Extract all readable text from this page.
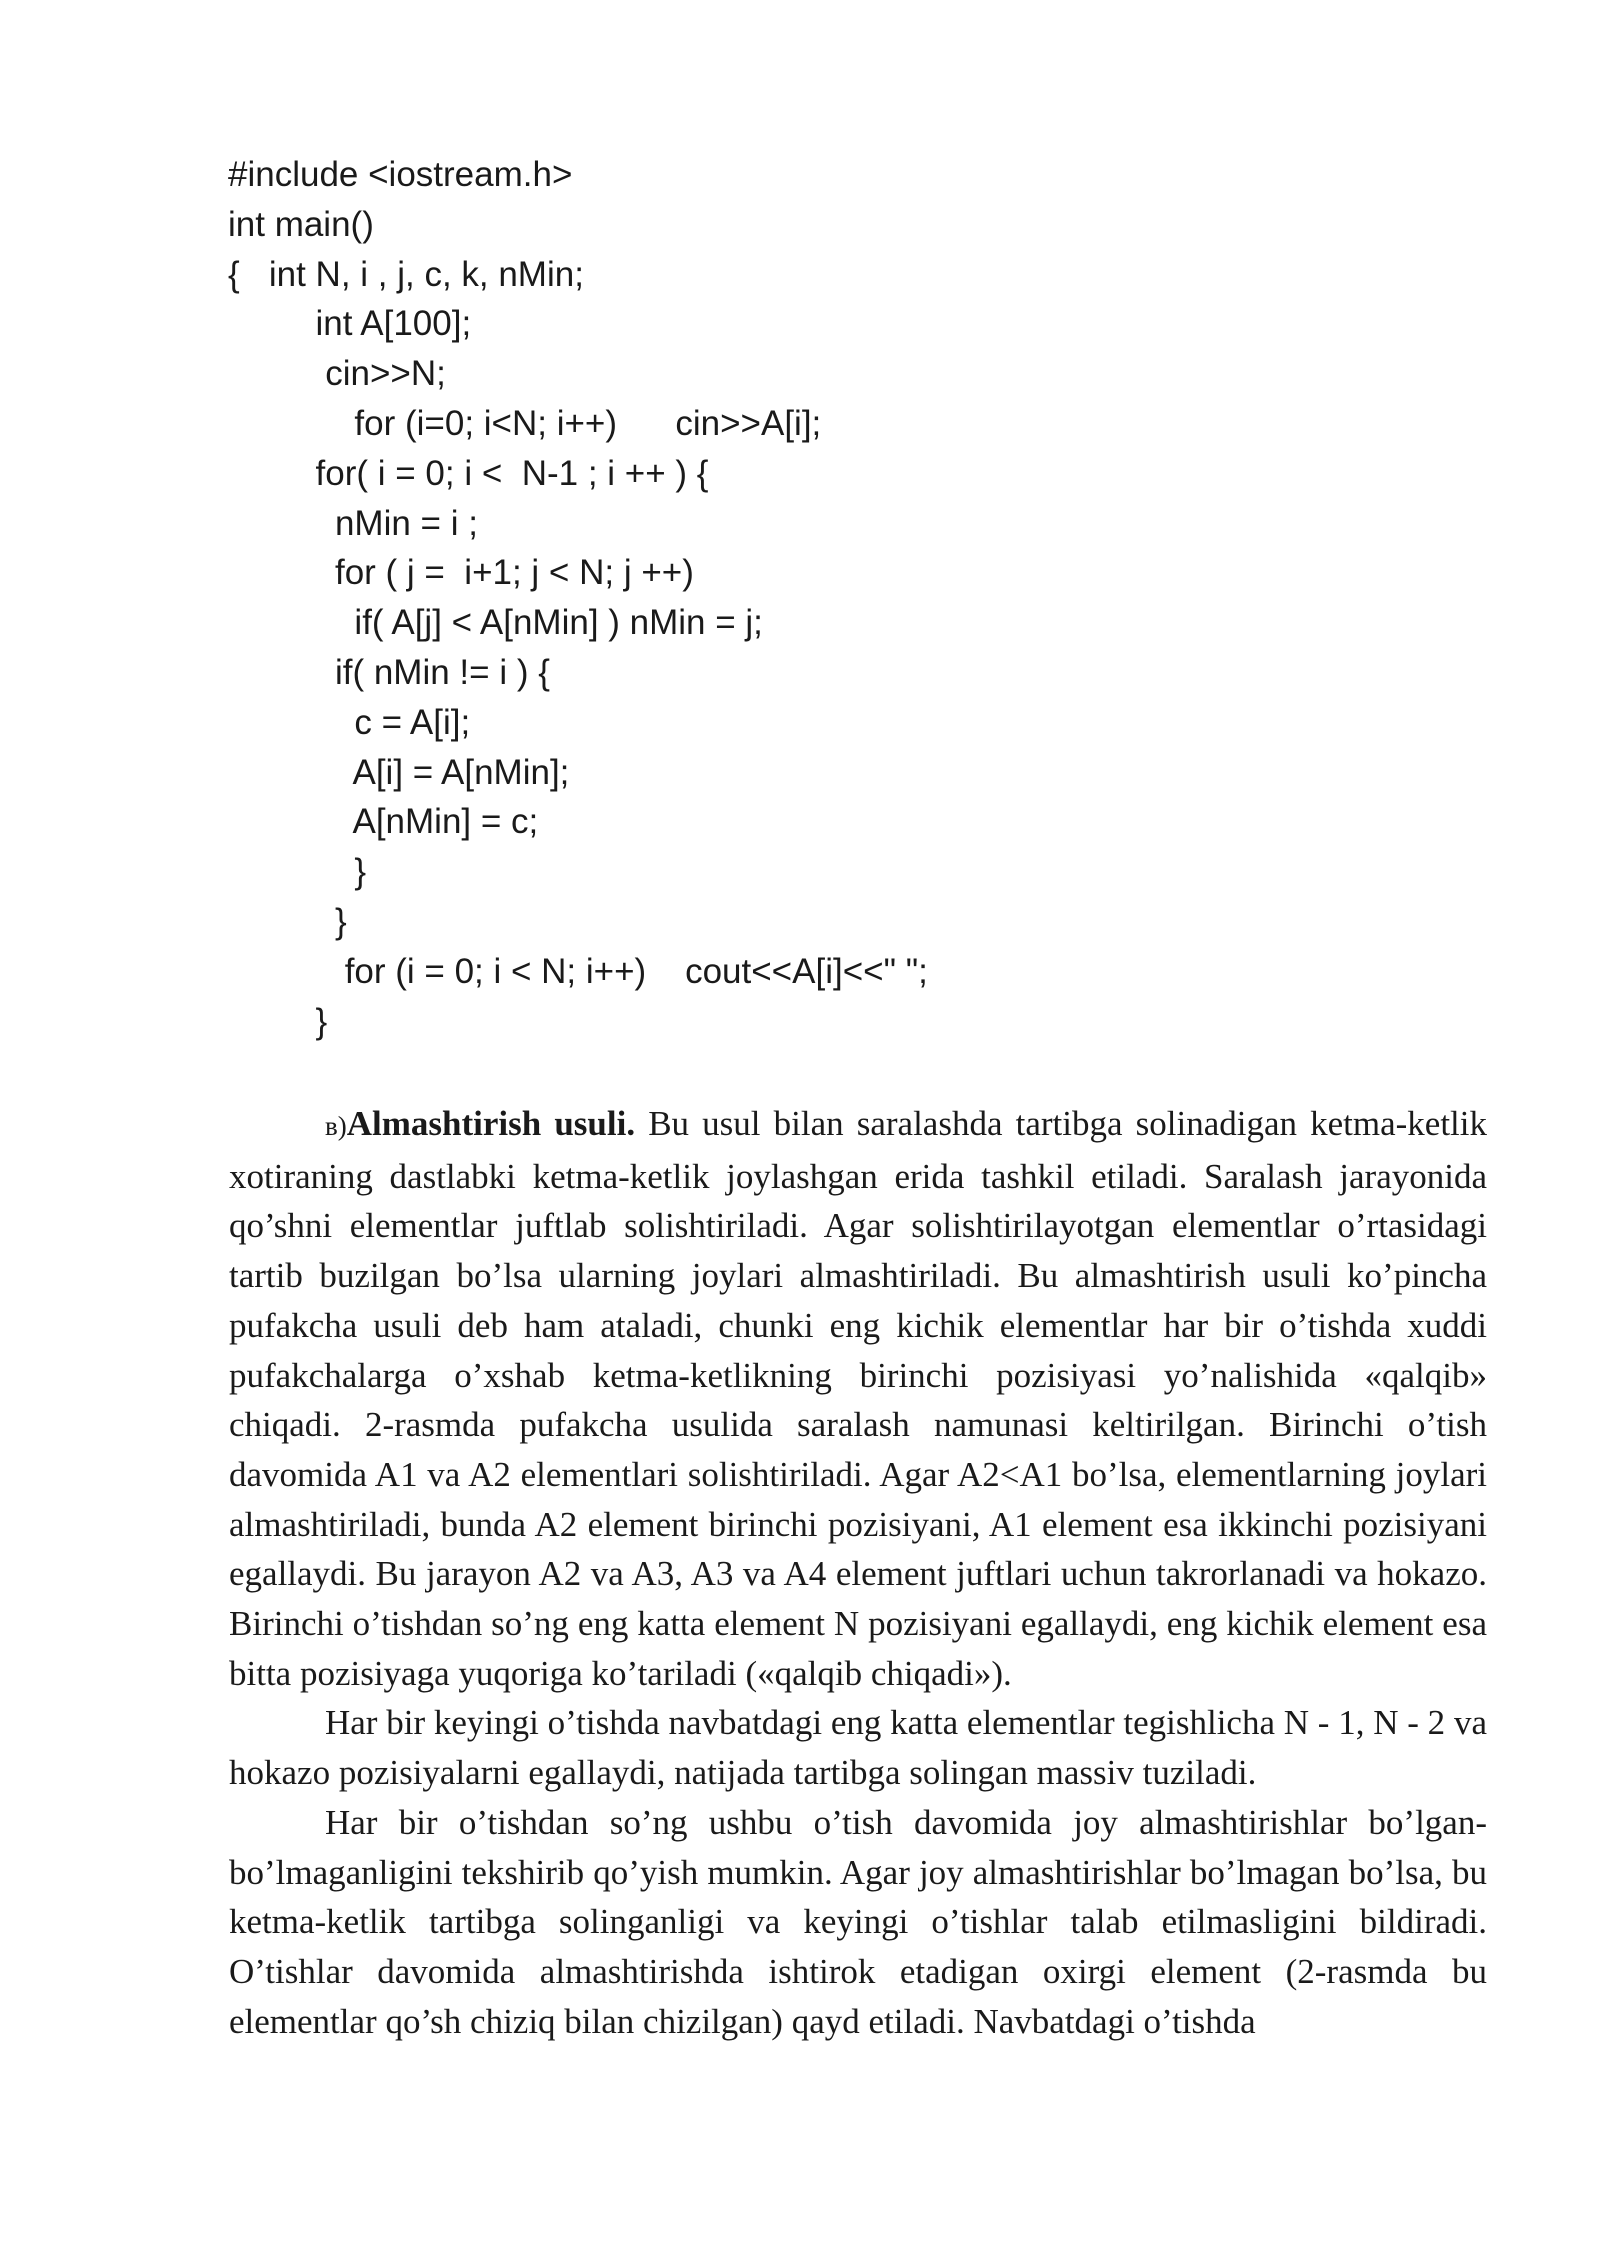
#include <iostream.h>
int main()
{   int N, i , j, c, k, nMin;
int A[100];
cin>>N;
for (i=0; i<N; i++)      cin>>A[i];
for( i = 0; i <  N-1 ; i ++ ) {
nMin = i ;
for ( j =  i+1; j < N; j ++)
if( A[j] < A[nMin] ) nMin = j;
if( nMin != i ) {
c = A[i];
A[i] = A[nMin];
A[nMin] = c;
}
}
for (i = 0; i < N; i++)    cout<<A[i]<<" ";
}

в)Almashtirish usuli. Bu usul bilan saralashda tartibga solinadigan ketma-ketlik xotiraning dastlabki ketma-ketlik joylashgan erida tashkil etiladi. Saralash jarayonida qo’shni elementlar juftlab solishtiriladi. Agar solishtirilayotgan elementlar o’rtasidagi tartib buzilgan bo’lsa ularning joylari almashtiriladi. Bu almashtirish usuli ko’pincha pufakcha usuli deb ham ataladi, chunki eng kichik elementlar har bir o’tishda xuddi pufakchalarga o’xshab ketma-ketlikning birinchi pozisiyasi yo’nalishida «qalqib» chiqadi. 2-rasmda pufakcha usulida saralash namunasi keltirilgan. Birinchi o’tish davomida A1 va A2 elementlari solishtiriladi. Agar A2<A1 bo’lsa, elementlarning joylari almashtiriladi, bunda A2 element birinchi pozisiyani, A1 element esa ikkinchi pozisiyani egallaydi. Bu jarayon A2 va A3, A3 va A4 element juftlari uchun takrorlanadi va hokazo. Birinchi o’tishdan so’ng eng katta element N pozisiyani egallaydi, eng kichik element esa bitta pozisiyaga yuqoriga ko’tariladi («qalqib chiqadi»).

Har bir keyingi o’tishda navbatdagi eng katta elementlar tegishlicha N - 1, N - 2 va hokazo pozisiyalarni egallaydi, natijada tartibga solingan massiv tuziladi.

Har bir o’tishdan so’ng ushbu o’tish davomida joy almashtirishlar bo’lgan-bo’lmaganligini tekshirib qo’yish mumkin. Agar joy almashtirishlar bo’lmagan bo’lsa, bu ketma-ketlik tartibga solinganligi va keyingi o’tishlar talab etilmasligini bildiradi. O’tishlar davomida almashtirishda ishtirok etadigan oxirgi element (2-rasmda bu elementlar qo’sh chiziq bilan chizilgan) qayd etiladi. Navbatdagi o’tishda
